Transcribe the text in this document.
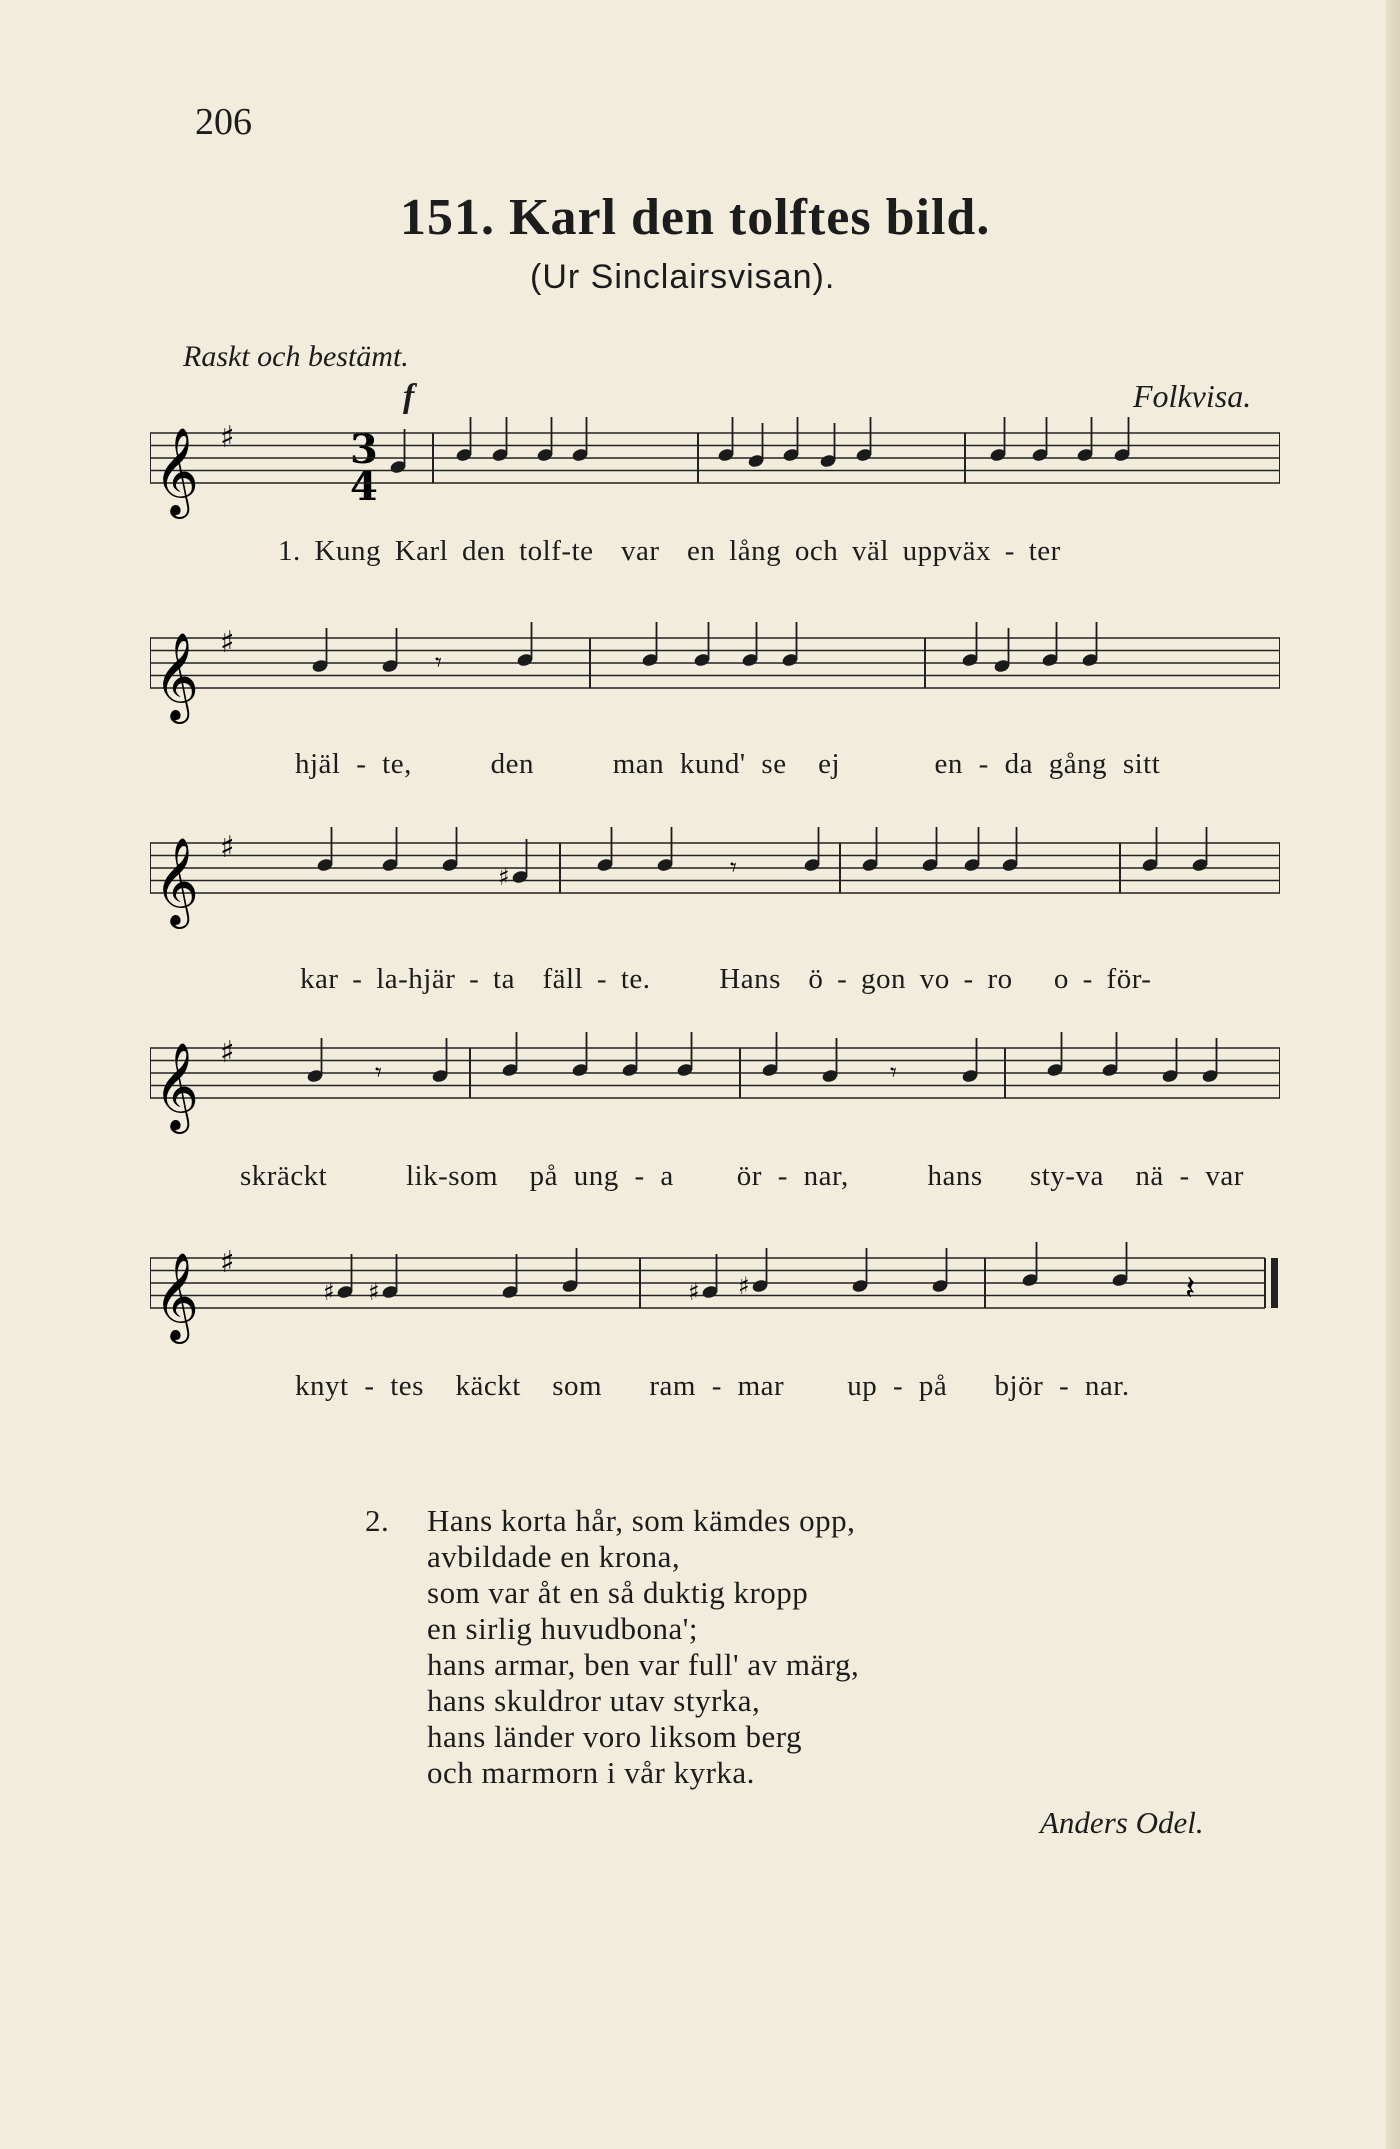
206
151. Karl den tolftes bild.
(Ur Sinclairsvisan).
Raskt och bestämt.
f	Folkvisa.
3
4
𝄞 ♯
1. Kung Karl den tolf-te var en lång och väl uppväx - ter
𝄞 ♯
𝄾
hjäl - te,	den	man kund' se ej	en - da gång sitt
𝄞 ♯
♯	𝄾
kar - la-hjär - ta fäll - te. Hans ö - gon vo - ro o - för-
𝄞 ♯
𝄾	𝄾
skräckt	lik-som på ung - a ör - nar,	hans sty-va nä - var
𝄞 ♯
♯ ♯	♯ ♯	𝄽
knyt - tes käckt som ram - mar up - på björ - nar.
2. Hans korta hår, som kämdes opp,
avbildade en krona,
som var åt en så duktig kropp
en sirlig huvudbona';
hans armar, ben var full' av märg,
hans skuldror utav styrka,
hans länder voro liksom berg
och marmorn i vår kyrka.
Anders Odel.
